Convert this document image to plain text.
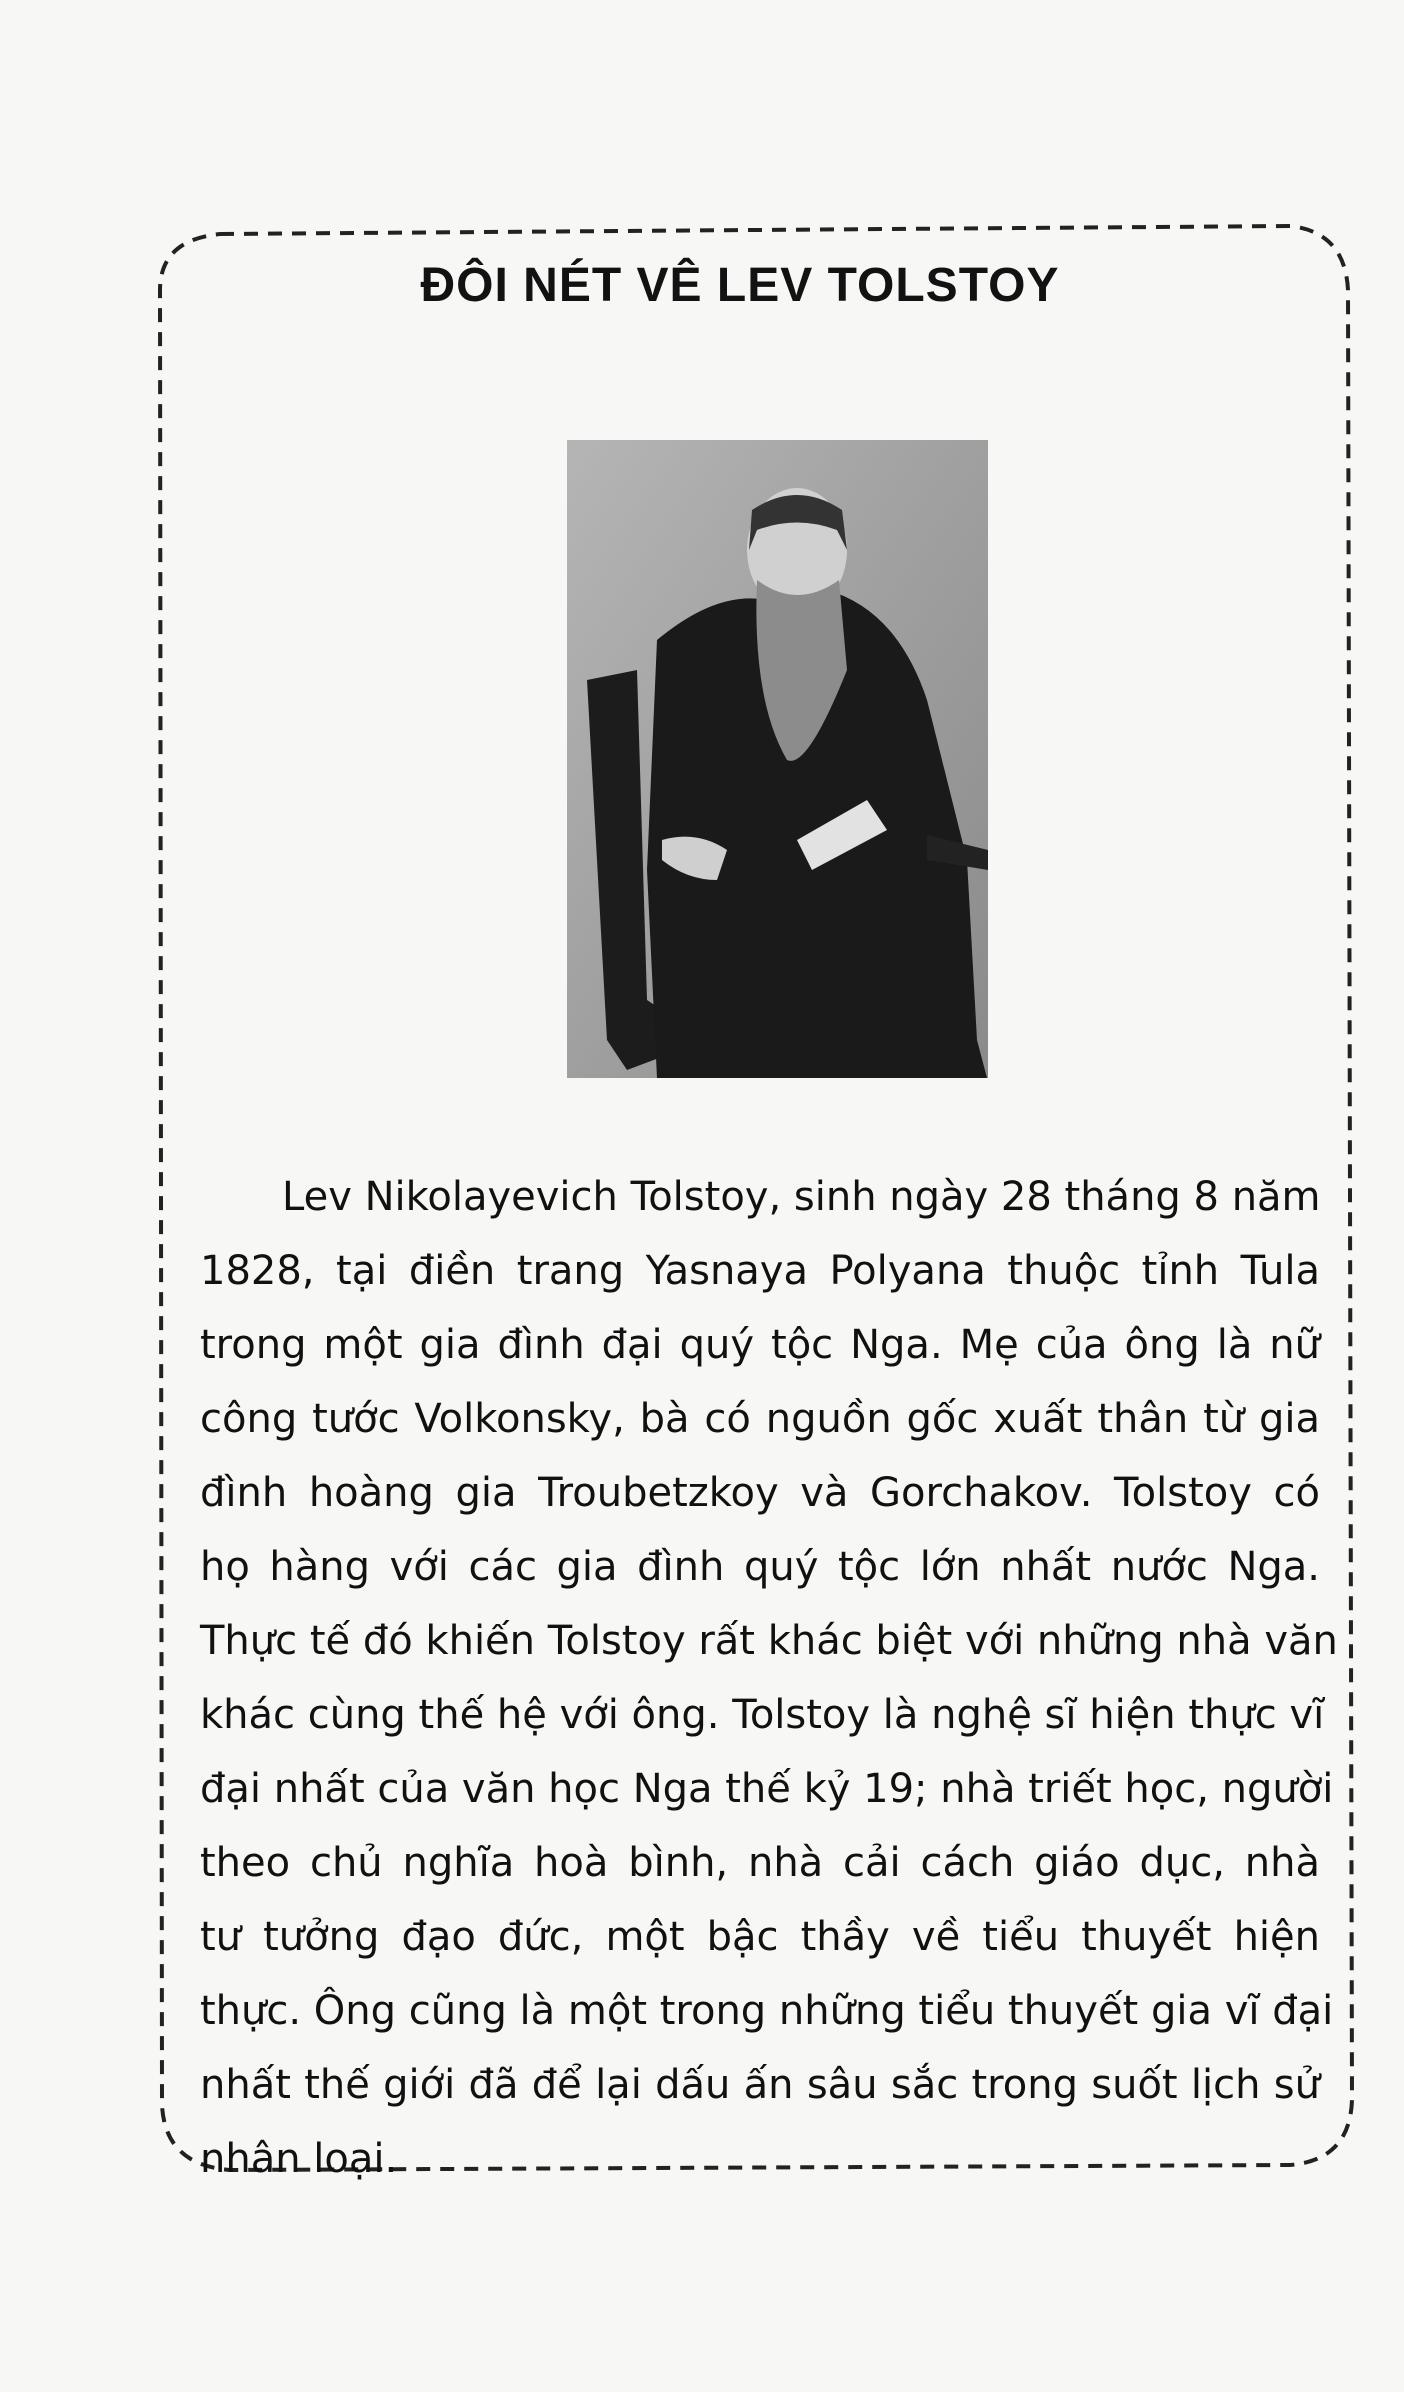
ĐÔI NÉT VÊ LEV TOLSTOY
Lev Nikolayevich Tolstoy, sinh ngày 28 tháng 8 năm
1828, tại điền trang Yasnaya Polyana thuộc tỉnh Tula
trong một gia đình đại quý tộc Nga. Mẹ của ông là nữ
công tước Volkonsky, bà có nguồn gốc xuất thân từ gia
đình hoàng gia Troubetzkoy và Gorchakov. Tolstoy có
họ hàng với các gia đình quý tộc lớn nhất nước Nga.
Thực tế đó khiến Tolstoy rất khác biệt với những nhà văn
khác cùng thế hệ với ông. Tolstoy là nghệ sĩ hiện thực vĩ
đại nhất của văn học Nga thế kỷ 19; nhà triết học, người
theo chủ nghĩa hoà bình, nhà cải cách giáo dục, nhà
tư tưởng đạo đức, một bậc thầy về tiểu thuyết hiện
thực. Ông cũng là một trong những tiểu thuyết gia vĩ đại
nhất thế giới đã để lại dấu ấn sâu sắc trong suốt lịch sử
nhân loại.
